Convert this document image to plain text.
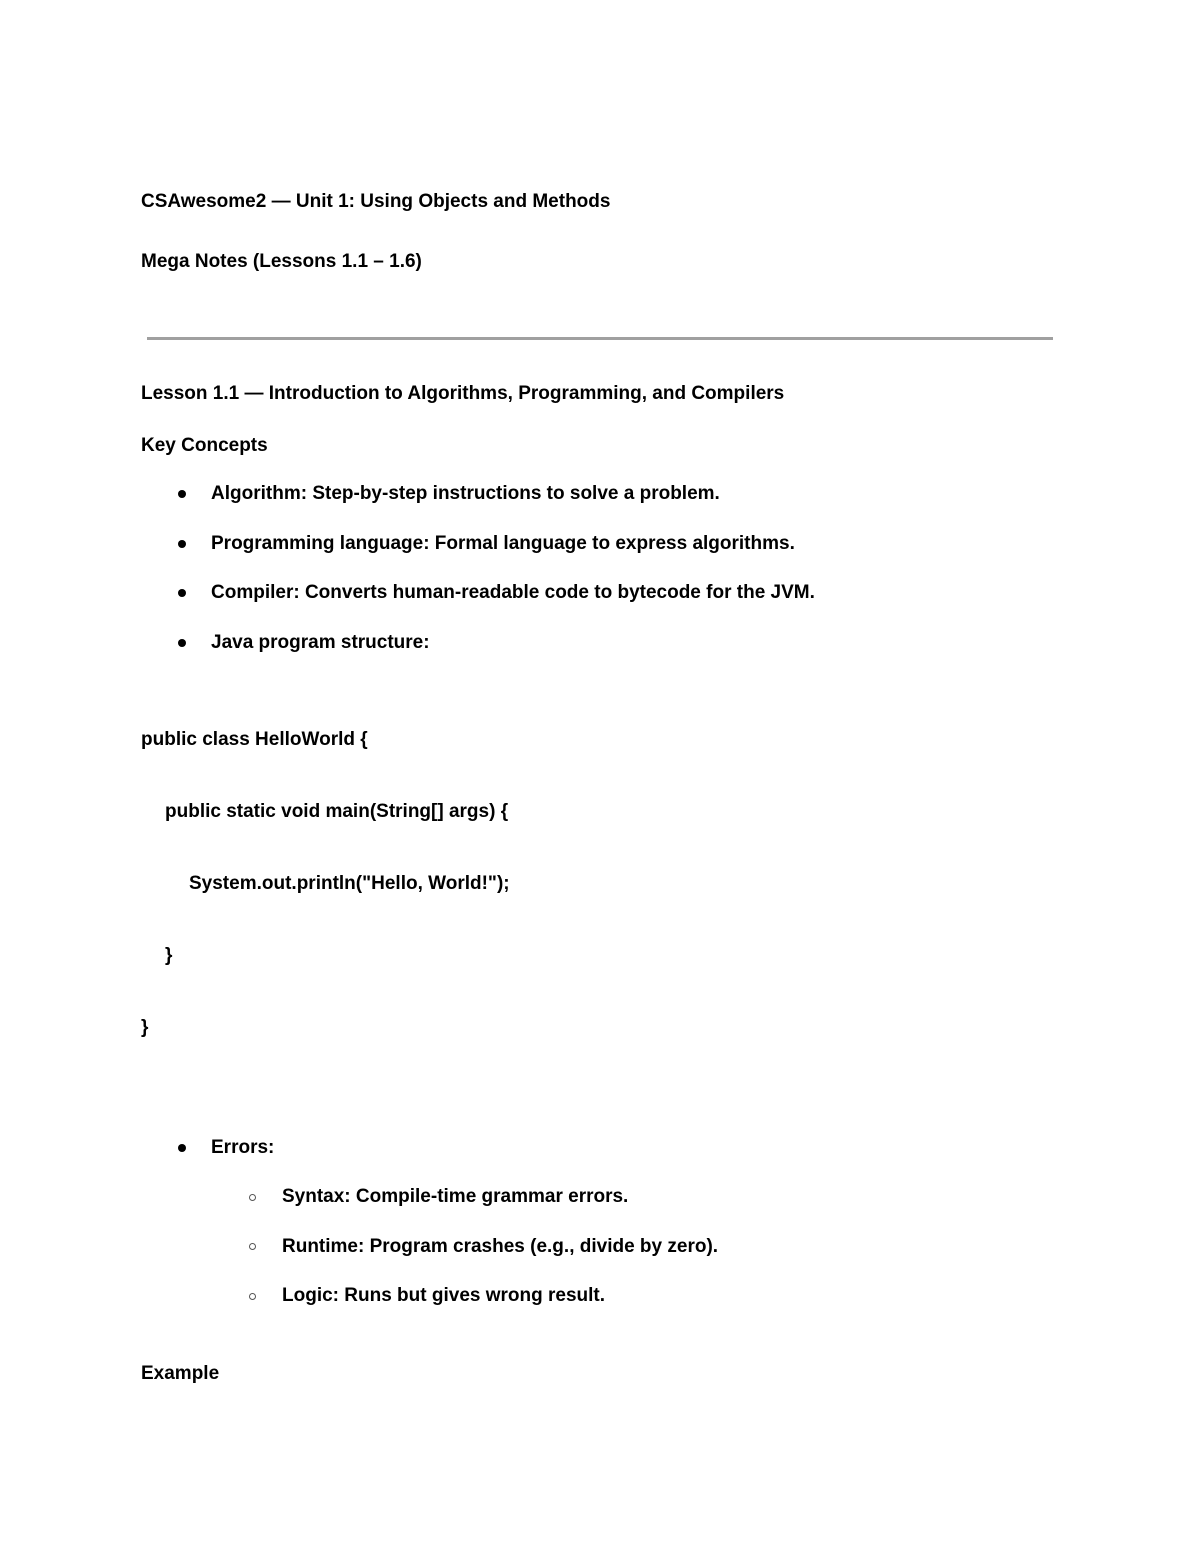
CSAwesome2 — Unit 1: Using Objects and Methods
Mega Notes (Lessons 1.1 – 1.6)
Lesson 1.1 — Introduction to Algorithms, Programming, and Compilers
Key Concepts
Algorithm: Step-by-step instructions to solve a problem.
Programming language: Formal language to express algorithms.
Compiler: Converts human-readable code to bytecode for the JVM.
Java program structure:
public class HelloWorld {
public static void main(String[] args) {
System.out.println("Hello, World!");
}
}
Errors:
Syntax: Compile-time grammar errors.
Runtime: Program crashes (e.g., divide by zero).
Logic: Runs but gives wrong result.
Example
